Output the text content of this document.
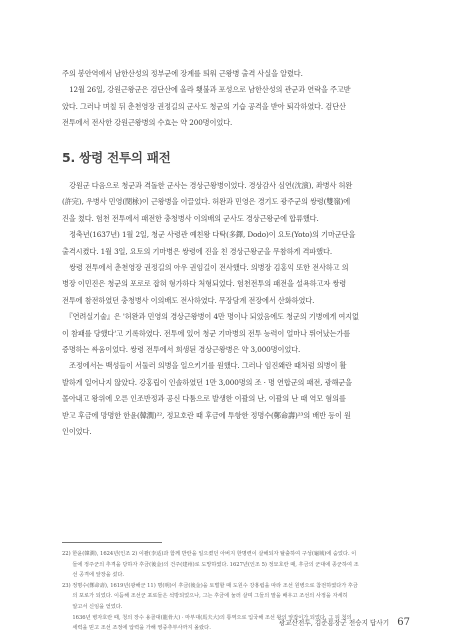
주의 봉안역에서 남한산성의 정부군에 장계를 띄워 근왕병 출격 사실을 알렸다.
　12월 26일, 강원근왕군은 검단산에 올라 횃불과 포성으로 남한산성의 관군과 연락을 주고받
았다. 그러나 며칠 뒤 춘천영장 권정길의 군사도 청군의 기습 공격을 받아 퇴각하였다. 검단산
전투에서 전사한 강원근왕병의 수효는 약 200명이었다.

5. 쌍령 전투의 패전

　강원군 다음으로 청군과 격돌한 군사는 경상근왕병이었다. 경상감사 심연(沈演), 좌병사 허완
(許完), 우병사 민영(閔栐)이 근왕병을 이끌었다. 허완과 민영은 경기도 광주군의 쌍령(雙嶺)에
진을 쳤다. 험천 전투에서 패전한 충청병사 이의배의 군사도 경상근왕군에 합류했다.
　정축년(1637년) 1월 2일, 청군 사령관 예친왕 다탁(多鐸, Dodo)이 요토(Yoto)의 기마군단을
출격시켰다. 1월 3일, 요토의 기마병은 쌍령에 진을 친 경상근왕군을 무참하게 격파했다.
　쌍령 전투에서 춘천영장 권정길의 아우 권임길이 전사했다. 의병장 김홍익 또한 전사하고 의
병장 이민진은 청군의 포로로 잡혀 형가하다 처형되었다. 험천전투의 패전을 설욕하고자 쌍령
전투에 참전하였던 충청병사 이의배도 전사하였다. 무장담계 전장에서 산화하였다.
　『연려실기술』은 '허완과 민영의 경상근왕병이 4만 명이나 되었음에도 청군의 기병에게 여지없
이 참패를 당했다'고 기록하였다. 전투에 있어 청군 기마병의 전투 능력이 얼마나 뛰어났는가를
증명하는 싸움이었다. 쌍령 전투에서 희생된 경상근왕병은 약 3,000명이었다.
　조정에서는 백성들이 서둘러 의병을 일으키기를 원했다. 그러나 임진왜란 때처럼 의병이 활
발하게 일어나지 않았다. 강홍립이 인솔하였던 1만 3,000명의 조 · 명 연합군의 패전, 광해군을
몰아내고 왕위에 오른 인조반정과 공신 다툼으로 발생한 이괄의 난, 이괄의 난 때 역모 혐의를
받고 후금에 망명한 한윤(韓潤)²², 정묘호란 때 후금에 투항한 정명수(鄭命壽)²³의 배반 등이 원
인이었다.

22) 한윤(韓潤), 1624년(인조 2) 이괄(李适)과 함께 반란을 일으켰던 아버지 한명련이 살해되자 탈출하여 구성(龜城)에 숨었다. 이
　　들에 정주군의 추격을 당하자 후금(後金)의 건주(建州)로 도망하였다. 1627년(인조 5) 정묘호란 때, 후금의 군대에 종군하여 조
　　선 공격에 앞장을 섰다.
23) 정명수(鄭命壽), 1619년(광해군 11) 명(明)이 후금(後金)을 토벌할 때 도원수 강홍립을 따라 조선 원병으로 참전하였다가 후금
　　의 포로가 되었다. 이듬해 조선군 포로들은 석방되었으나, 그는 후금에 눌러 살며 그들의 말을 배우고 조선의 사정을 자세히
　　알고서 신임을 얻었다.
　　1636년 병자호란 때, 청의 장수 용골대(龍骨大) · 마부대(馬夫大)의 통역으로 입국해 조선 왕의 앞잡이가 되었다. 그 뒤 청의
　　세력을 믿고 조선 조정에 압력을 가해 영중추부사까지 올랐다.

광교산전투, 김준룡장군 전승지 답사기 67
